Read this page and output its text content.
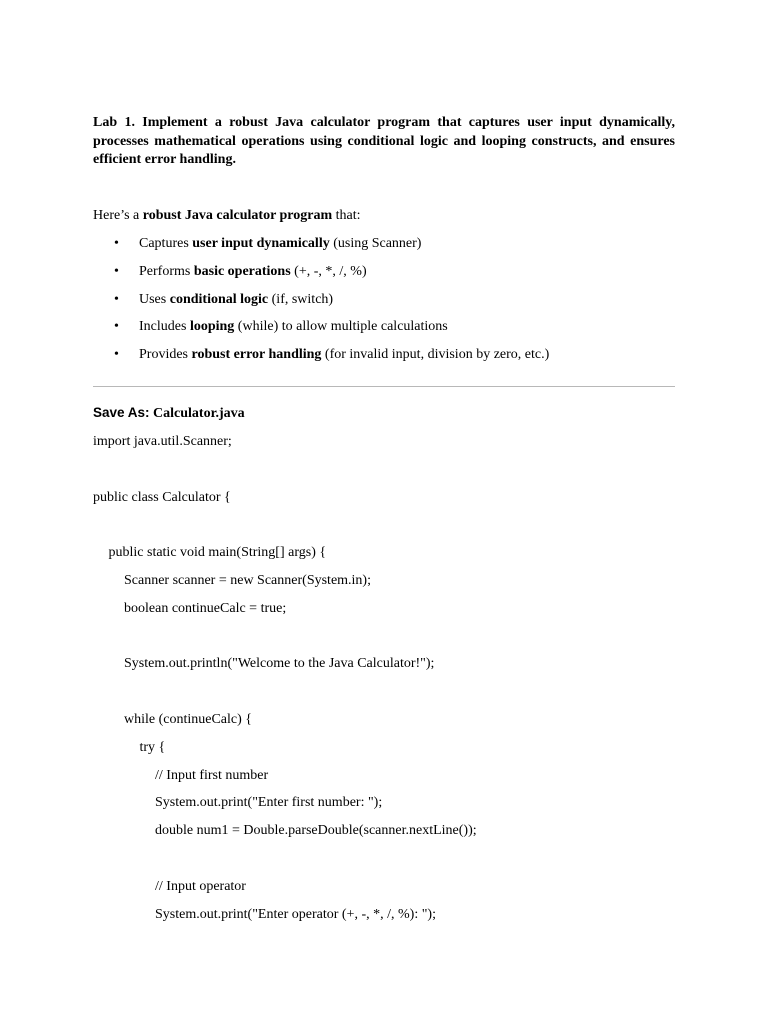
Lab 1. Implement a robust Java calculator program that captures user input dynamically, processes mathematical operations using conditional logic and looping constructs, and ensures efficient error handling.

Here’s a robust Java calculator program that:

• Captures user input dynamically (using Scanner)
• Performs basic operations (+, -, *, /, %)
• Uses conditional logic (if, switch)
• Includes looping (while) to allow multiple calculations
• Provides robust error handling (for invalid input, division by zero, etc.)
Save As: Calculator.java
import java.util.Scanner;
public class Calculator {
public static void main(String[] args) {
Scanner scanner = new Scanner(System.in);
boolean continueCalc = true;
System.out.println("Welcome to the Java Calculator!");
while (continueCalc) {
try {
// Input first number
System.out.print("Enter first number: ");
double num1 = Double.parseDouble(scanner.nextLine());
// Input operator
System.out.print("Enter operator (+, -, *, /, %): ");
